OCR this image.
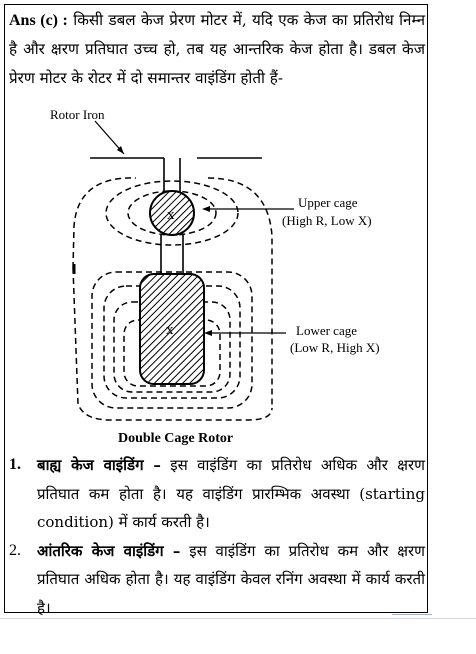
Ans (c) : किसी डबल केज प्रेरण मोटर में, यदि एक केज का प्रतिरोध निम्न है और क्षरण प्रतिघात उच्च हो, तब यह आन्तरिक केज होता है। डबल केज प्रेरण मोटर के रोटर में दो समान्तर वाइंडिंग होती हैं-
x
x
Rotor Iron
Upper cage
(High R, Low X)
Lower cage
(Low R, High X)
Double Cage Rotor
1.	बाह्य केज वाइंडिंग – इस वाइंडिंग का प्रतिरोध अधिक और क्षरण प्रतिघात कम होता है। यह वाइंडिंग प्रारम्भिक अवस्था (starting condition) में कार्य करती है।
2.	आंतरिक केज वाइंडिंग – इस वाइंडिंग का प्रतिरोध कम और क्षरण प्रतिघात अधिक होता है। यह वाइंडिंग केवल रनिंग अवस्था में कार्य करती है।
